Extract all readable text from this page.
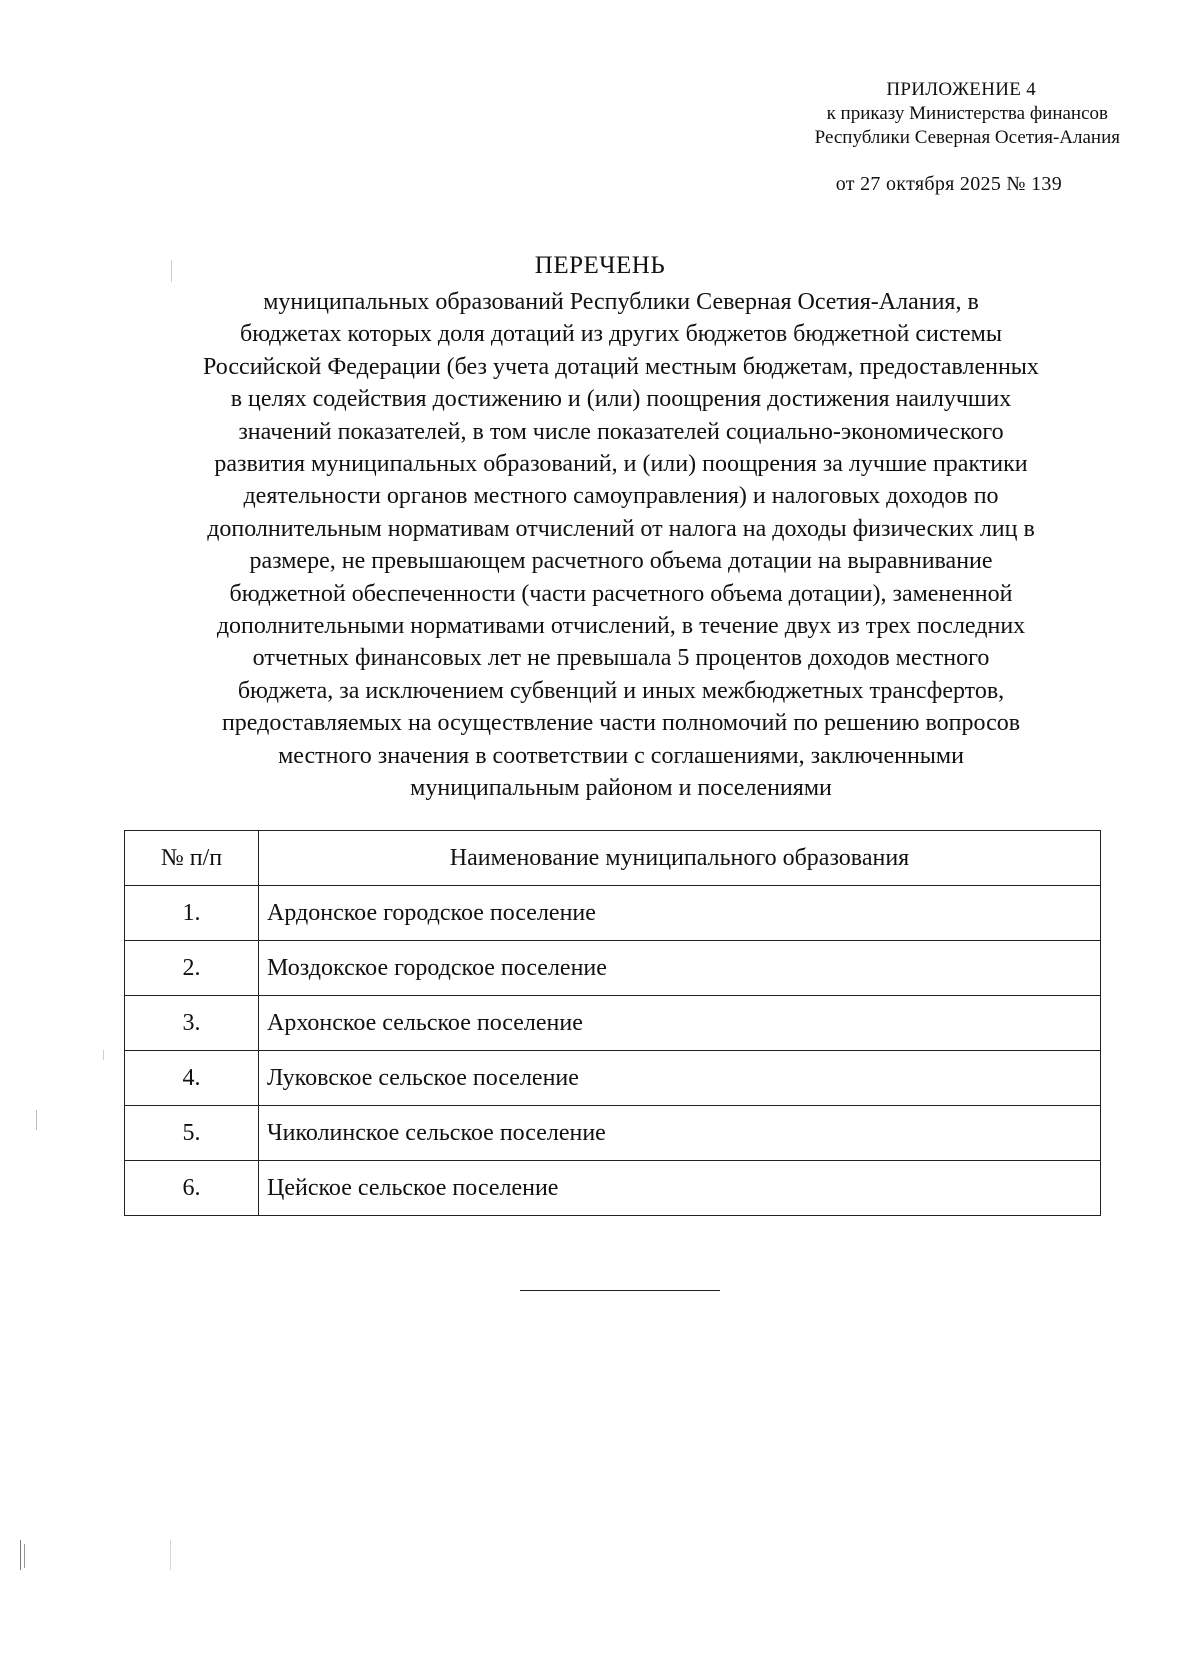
ПРИЛОЖЕНИЕ 4
к приказу Министерства финансов
Республики Северная Осетия-Алания
от 27 октября 2025 № 139
ПЕРЕЧЕНЬ
муниципальных образований Республики Северная Осетия-Алания, в
бюджетах которых доля дотаций из других бюджетов бюджетной системы
Российской Федерации (без учета дотаций местным бюджетам, предоставленных
в целях содействия достижению и (или) поощрения достижения наилучших
значений показателей, в том числе показателей социально-экономического
развития муниципальных образований, и (или) поощрения за лучшие практики
деятельности органов местного самоуправления) и налоговых доходов по
дополнительным нормативам отчислений от налога на доходы физических лиц в
размере, не превышающем расчетного объема дотации на выравнивание
бюджетной обеспеченности (части расчетного объема дотации), замененной
дополнительными нормативами отчислений, в течение двух из трех последних
отчетных финансовых лет не превышала 5 процентов доходов местного
бюджета, за исключением субвенций и иных межбюджетных трансфертов,
предоставляемых на осуществление части полномочий по решению вопросов
местного значения в соответствии с соглашениями, заключенными
муниципальным районом и поселениями
№ п/п	Наименование муниципального образования
1.	Ардонское городское поселение
2.	Моздокское городское поселение
3.	Архонское сельское поселение
4.	Луковское сельское поселение
5.	Чиколинское сельское поселение
6.	Цейское сельское поселение
